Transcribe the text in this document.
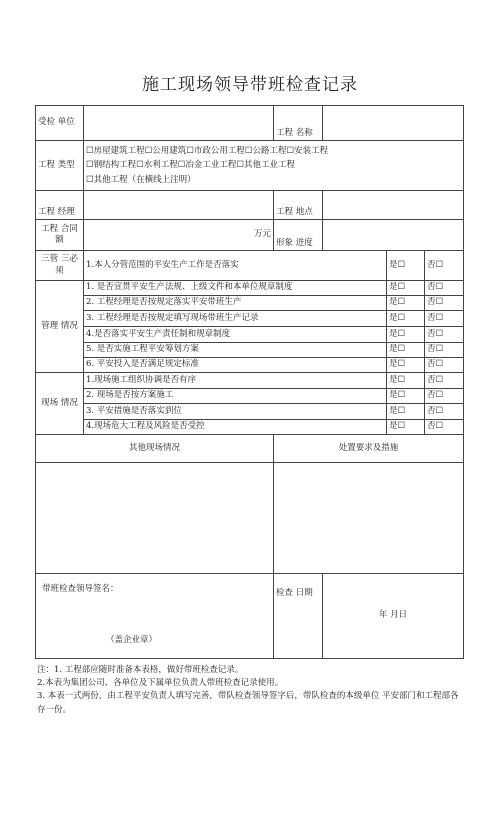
施工现场领导带班检查记录
受检 单位		工程 名称			
工程 类型	☐房屋建筑工程☐公用建筑☐市政公用工程☐公路工程☐安装工程
☐钢结构工程☐水利工程☐冶金工业工程☐其他工业工程
☐其他工程（在横线上注明）				

工程 经理		工程 地点			
工程 合同额	万元	形象 进度			
三管 三必须	1.本人分管范围的平安生产工作是否落实			是☐	否☐
管理 情况	1. 是否宣贯平安生产法规、上级文件和本单位规章制度			是☐	否☐
	2. 工程经理是否按规定落实平安带班生产			是☐	否☐
	3. 工程经理是否按规定填写现场带班生产记录			是☐	否☐
	4.是否落实平安生产责任制和规章制度			是☐	否☐
	5. 是否实施工程平安筹划方案			是☐	否☐
	6. 平安投入是否满足规定标准			是☐	否☐
现场 情况	1.现场施工组织协调是否有序			是☐	否☐
	2. 现场是否按方案施工			是☐	否☐
	3. 平安措施是否落实到位			是☐	否☐
	4.现场危大工程及风险是否受控			是☐	否☐
其他现场情况		处置要求及措施			

带班检查领导签名：
（盖企业章）		检查 日期	年 月日		
注：1. 工程部应随时准备本表格，做好带班检查记录。
2.本表为集团公司、各单位及下属单位负责人带班检查记录使用。
3. 本表一式两份，由工程平安负责人填写完善，带队检查领导签字后，带队检查的本级单位 平安部门和工程部各存一份。
